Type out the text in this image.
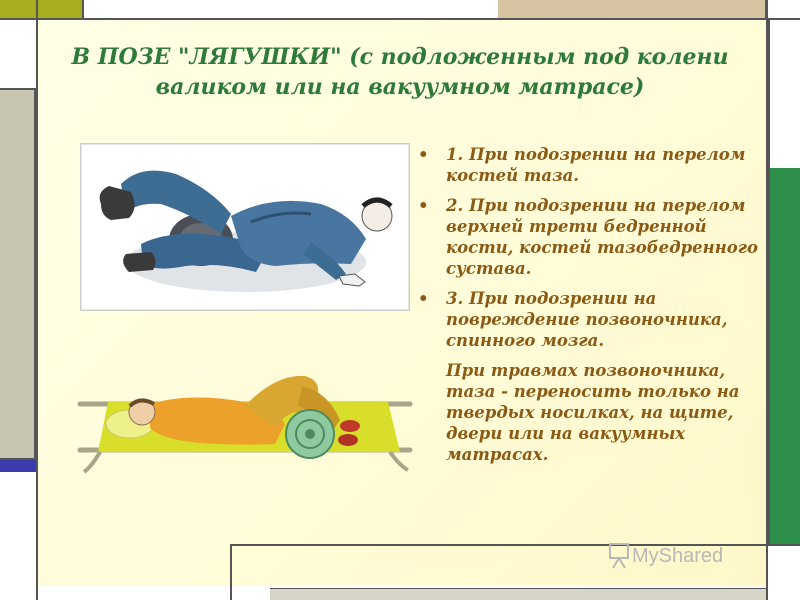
В ПОЗЕ "ЛЯГУШКИ" (с подложенным под колени валиком или на вакуумном матрасе)
• 1. При подозрении на перелом костей таза.
• 2. При подозрении на перелом верхней трети бедренной кости, костей тазобедренного сустава.
• 3. При подозрении на повреждение позвоночника, спинного мозга.
При травмах позвоночника, таза - переносить только на твердых носилках, на щите, двери или на вакуумных матрасах.
MyShared
